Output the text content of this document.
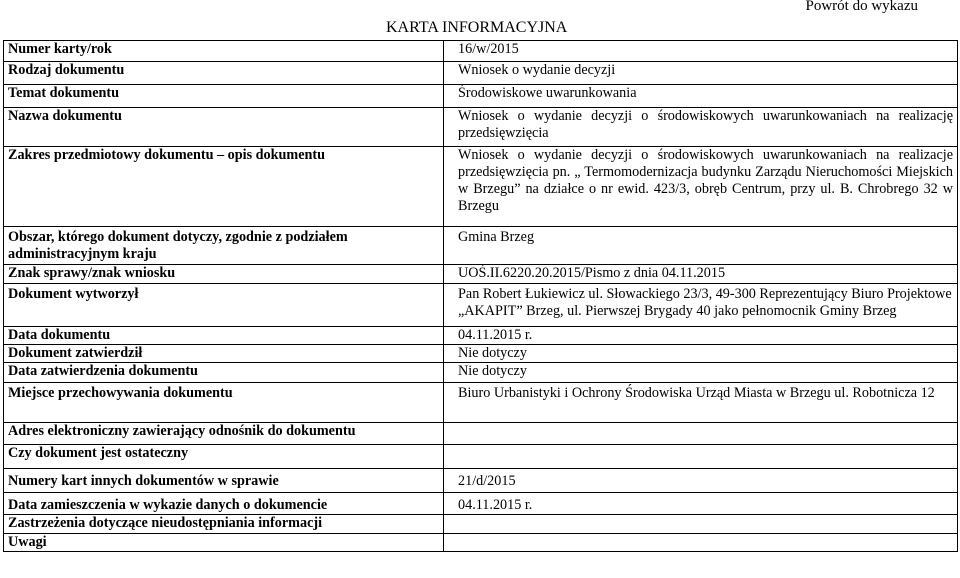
Powrót do wykazu
KARTA INFORMACYJNA
Numer karty/rok	16/w/2015
Rodzaj dokumentu	Wniosek o wydanie decyzji
Temat dokumentu	Środowiskowe uwarunkowania
Nazwa dokumentu	Wniosek o wydanie decyzji o środowiskowych uwarunkowaniach na realizację przedsięwzięcia
Zakres przedmiotowy dokumentu – opis dokumentu	Wniosek o wydanie decyzji o środowiskowych uwarunkowaniach na realizacje przedsięwzięcia pn. „ Termomodernizacja budynku Zarządu Nieruchomości Miejskich w Brzegu” na działce o nr ewid. 423/3, obręb Centrum, przy ul. B. Chrobrego 32 w Brzegu
Obszar, którego dokument dotyczy, zgodnie z podziałem administracyjnym kraju	Gmina Brzeg
Znak sprawy/znak wniosku	UOŚ.II.6220.20.2015/Pismo z dnia 04.11.2015
Dokument wytworzył	Pan Robert Łukiewicz ul. Słowackiego 23/3, 49-300 Reprezentujący Biuro Projektowe „AKAPIT” Brzeg, ul. Pierwszej Brygady 40 jako pełnomocnik Gminy Brzeg
Data dokumentu	04.11.2015 r.
Dokument zatwierdził	Nie dotyczy
Data zatwierdzenia dokumentu	Nie dotyczy
Miejsce przechowywania dokumentu	Biuro Urbanistyki i Ochrony Środowiska Urząd Miasta w Brzegu ul. Robotnicza 12
Adres elektroniczny zawierający odnośnik do dokumentu	
Czy dokument jest ostateczny	
Numery kart innych dokumentów w sprawie	21/d/2015
Data zamieszczenia w wykazie danych o dokumencie	04.11.2015 r.
Zastrzeżenia dotyczące nieudostępniania informacji	
Uwagi	
